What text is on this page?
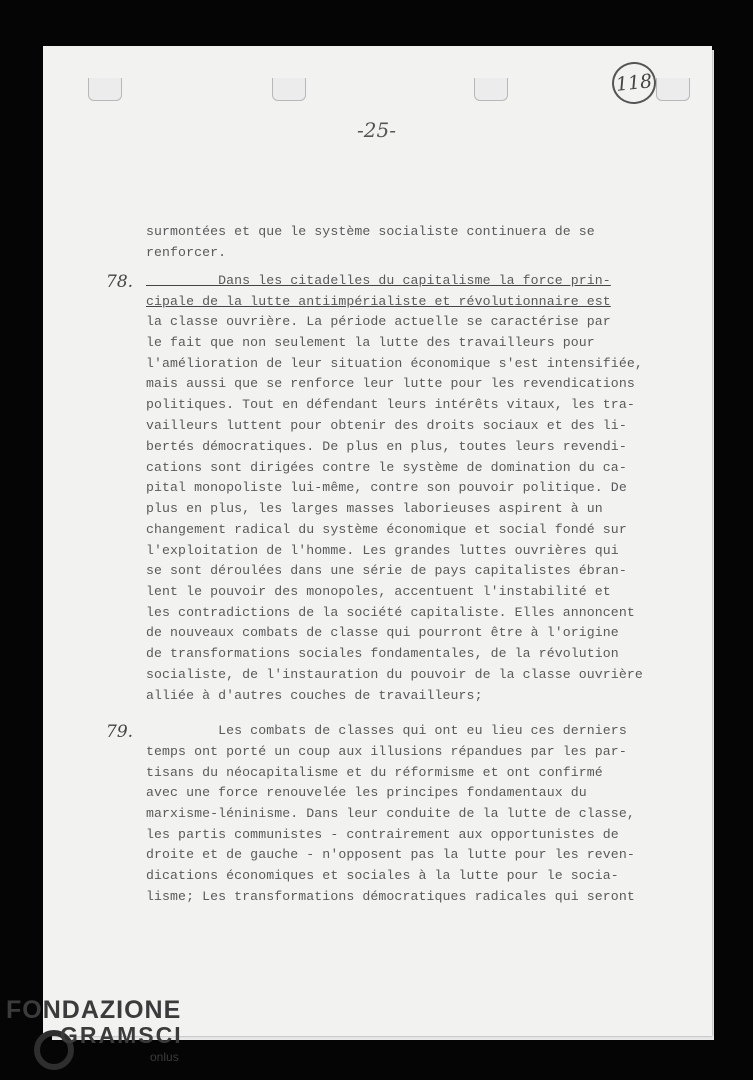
118
-25-
surmontées et que le système socialiste continuera de se
renforcer.
78. Dans les citadelles du capitalisme la force prin-
cipale de la lutte antiimpérialiste et révolutionnaire est
la classe ouvrière. La période actuelle se caractérise par
le fait que non seulement la lutte des travailleurs pour
l'amélioration de leur situation économique s'est intensifiée,
mais aussi que se renforce leur lutte pour les revendications
politiques. Tout en défendant leurs intérêts vitaux, les tra-
vailleurs luttent pour obtenir des droits sociaux et des li-
bertés démocratiques. De plus en plus, toutes leurs revendi-
cations sont dirigées contre le système de domination du ca-
pital monopoliste lui-même, contre son pouvoir politique. De
plus en plus, les larges masses laborieuses aspirent à un
changement radical du système économique et social fondé sur
l'exploitation de l'homme. Les grandes luttes ouvrières qui
se sont déroulées dans une série de pays capitalistes ébran-
lent le pouvoir des monopoles, accentuent l'instabilité et
les contradictions de la société capitaliste. Elles annoncent
de nouveaux combats de classe qui pourront être à l'origine
de transformations sociales fondamentales, de la révolution
socialiste, de l'instauration du pouvoir de la classe ouvrière
alliée à d'autres couches de travailleurs;
79. Les combats de classes qui ont eu lieu ces derniers
temps ont porté un coup aux illusions répandues par les par-
tisans du néocapitalisme et du réformisme et ont confirmé
avec une force renouvelée les principes fondamentaux du
marxisme-léninisme. Dans leur conduite de la lutte de classe,
les partis communistes - contrairement aux opportunistes de
droite et de gauche - n'opposent pas la lutte pour les reven-
dications économiques et sociales à la lutte pour le socia-
lisme; Les transformations démocratiques radicales qui seront
FONDAZIONE
GRAMSCI
onlus
